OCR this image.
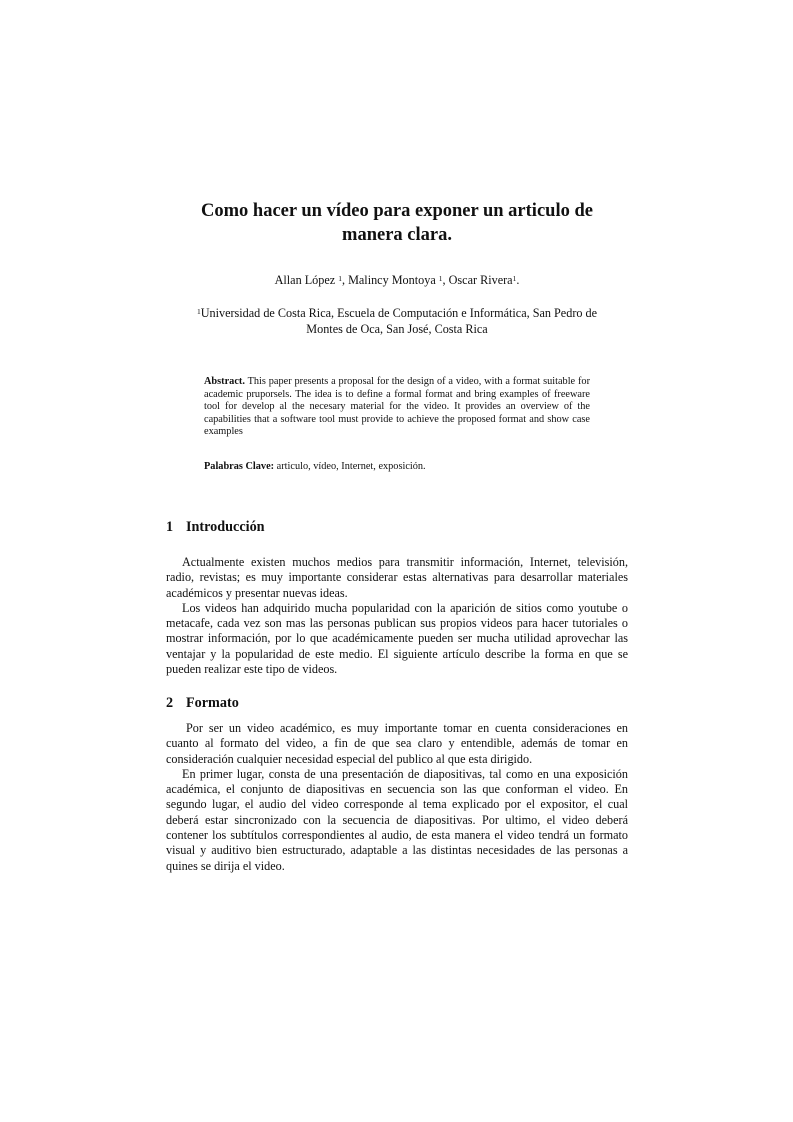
Como hacer un vídeo para exponer un articulo de
manera clara.
Allan López $^1$, Malincy Montoya $^1$, Oscar Rivera$^1$.
$^1$Universidad de Costa Rica, Escuela de Computación e Informática, San Pedro de
Montes de Oca, San José, Costa Rica
Abstract. This paper presents a proposal for the design of a video, with a format suitable for academic pruporsels. The idea is to define a formal format and bring examples of freeware tool for develop al the necesary material for the video. It provides an overview of the capabilities that a software tool must provide to achieve the proposed format and show case examples
Palabras Clave: articulo, vídeo, Internet, exposición.
1 Introducción

Actualmente existen muchos medios para transmitir información, Internet, televisión, radio, revistas; es muy importante considerar estas alternativas para desarrollar materiales académicos y presentar nuevas ideas.

Los videos han adquirido mucha popularidad con la aparición de sitios como youtube o metacafe, cada vez son mas las personas publican sus propios videos para hacer tutoriales o mostrar información, por lo que académicamente pueden ser mucha utilidad aprovechar las ventajar y la popularidad de este medio. El siguiente artículo describe la forma en que se pueden realizar este tipo de videos.

2 Formato

Por ser un video académico, es muy importante tomar en cuenta consideraciones en cuanto al formato del video, a fin de que sea claro y entendible, además de tomar en consideración cualquier necesidad especial del publico al que esta dirigido.

En primer lugar, consta de una presentación de diapositivas, tal como en una exposición académica, el conjunto de diapositivas en secuencia son las que conforman el video. En segundo lugar, el audio del video corresponde al tema explicado por el expositor, el cual deberá estar sincronizado con la secuencia de diapositivas. Por ultimo, el video deberá contener los subtítulos correspondientes al audio, de esta manera el video tendrá un formato visual y auditivo bien estructurado, adaptable a las distintas necesidades de las personas a quines se dirija el video.
